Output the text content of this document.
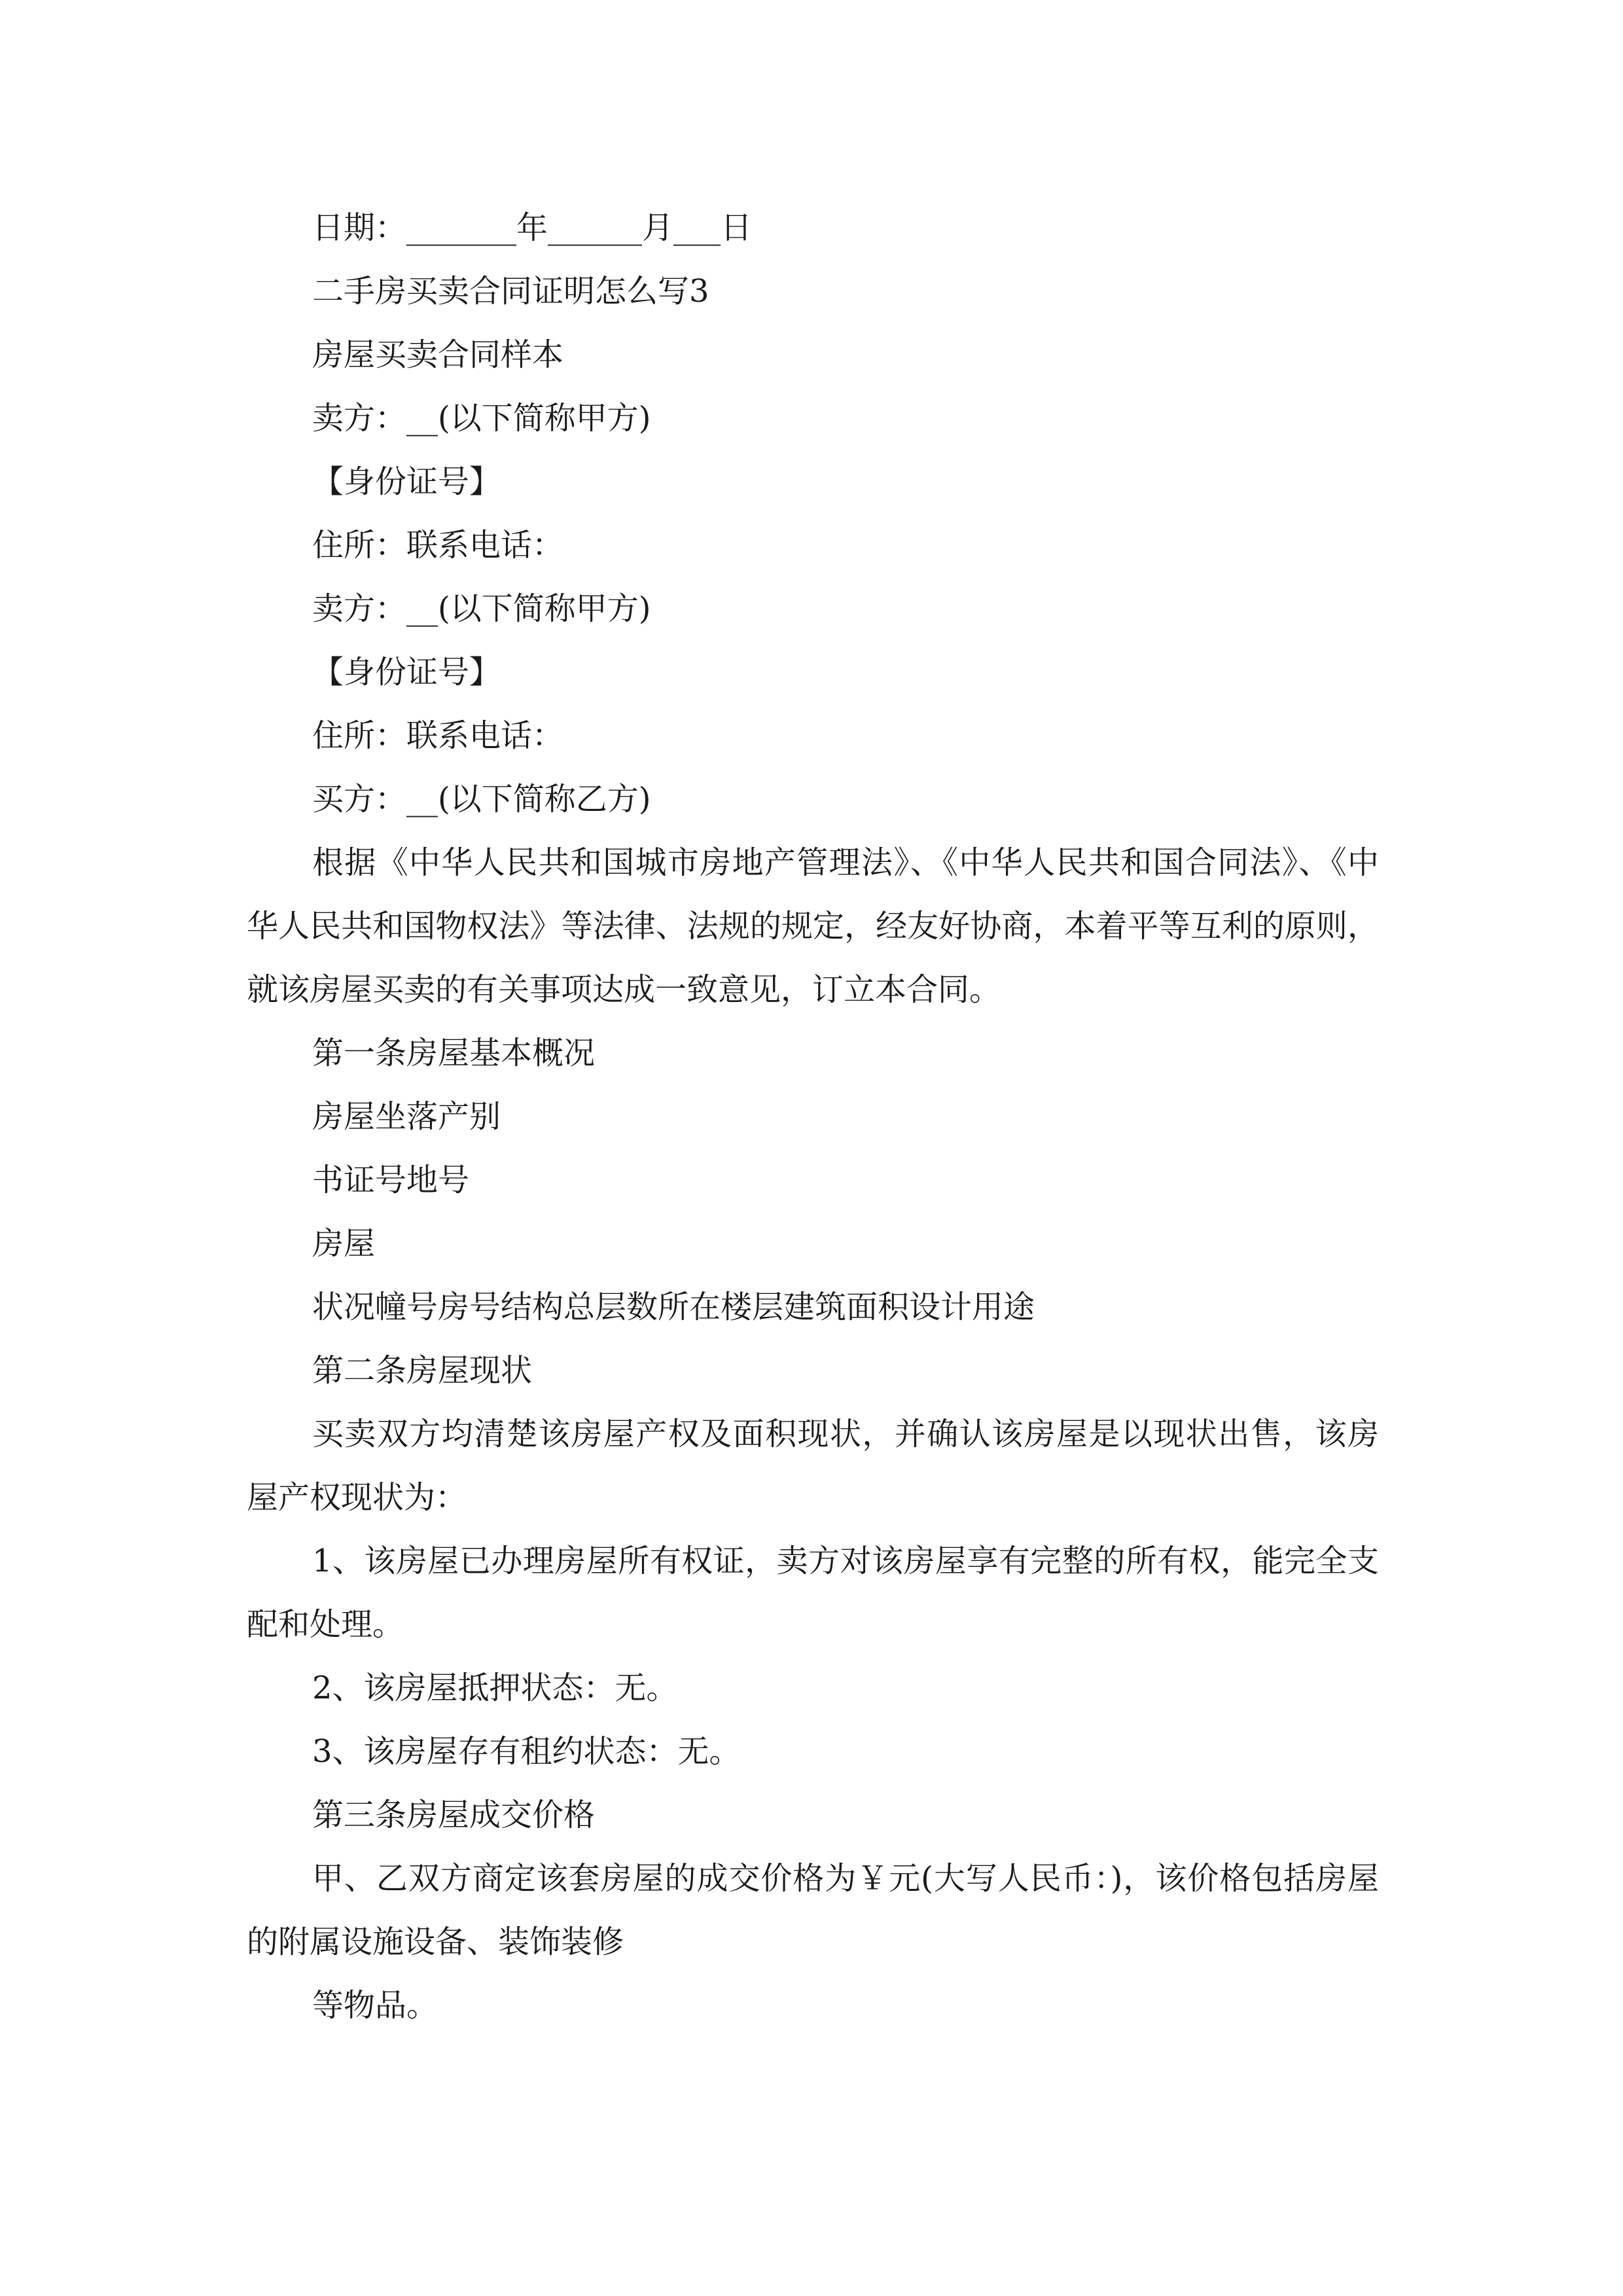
日期：_______年______月___日

二手房买卖合同证明怎么写3

房屋买卖合同样本

卖方：__(以下简称甲方)

【身份证号】

住所：联系电话：

卖方：__(以下简称甲方)

【身份证号】

住所：联系电话：

买方：__(以下简称乙方)

根据《中华人民共和国城市房地产管理法》、《中华人民共和国合同法》、《中华人民共和国物权法》等法律、法规的规定，经友好协商，本着平等互利的原则，就该房屋买卖的有关事项达成一致意见，订立本合同。

第一条房屋基本概况

房屋坐落产别

书证号地号

房屋

状况幢号房号结构总层数所在楼层建筑面积设计用途

第二条房屋现状

买卖双方均清楚该房屋产权及面积现状，并确认该房屋是以现状出售，该房屋产权现状为：

1、该房屋已办理房屋所有权证，卖方对该房屋享有完整的所有权，能完全支配和处理。

2、该房屋抵押状态：无。

3、该房屋存有租约状态：无。

第三条房屋成交价格

甲、乙双方商定该套房屋的成交价格为￥元(大写人民币：)，该价格包括房屋的附属设施设备、装饰装修

等物品。
